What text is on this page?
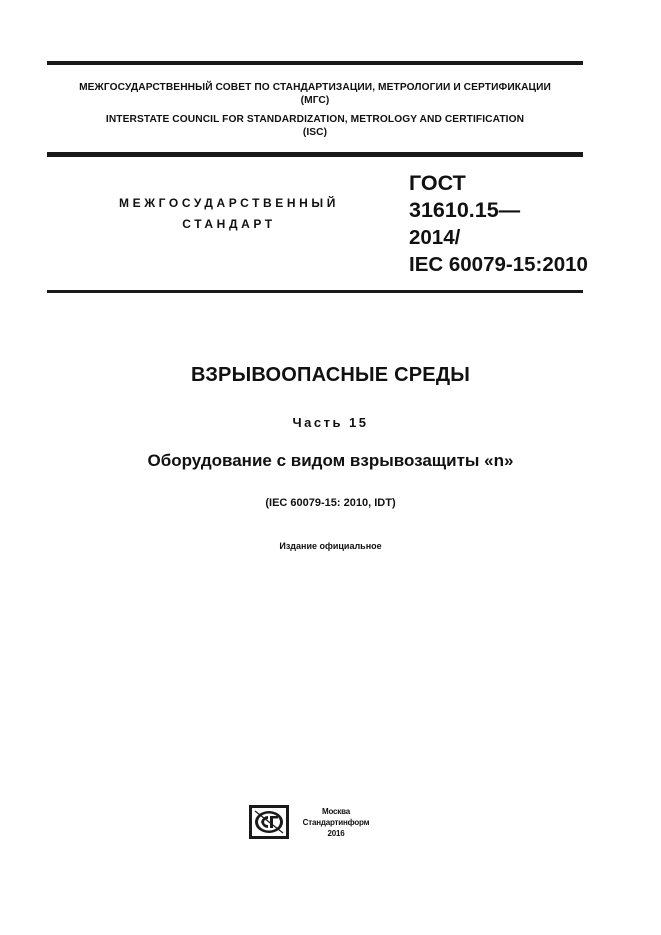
МЕЖГОСУДАРСТВЕННЫЙ СОВЕТ ПО СТАНДАРТИЗАЦИИ, МЕТРОЛОГИИ И СЕРТИФИКАЦИИ
(МГС)
INTERSTATE COUNCIL FOR STANDARDIZATION, METROLOGY AND CERTIFICATION
(ISC)
МЕЖГОСУДАРСТВЕННЫЙ
СТАНДАРТ
ГОСТ
31610.15—
2014/
IEC 60079-15:2010
ВЗРЫВООПАСНЫЕ СРЕДЫ
Часть 15
Оборудование с видом взрывозащиты «n»
(IEC 60079-15: 2010, IDT)
Издание официальное
Москва
Стандартинформ
2016
